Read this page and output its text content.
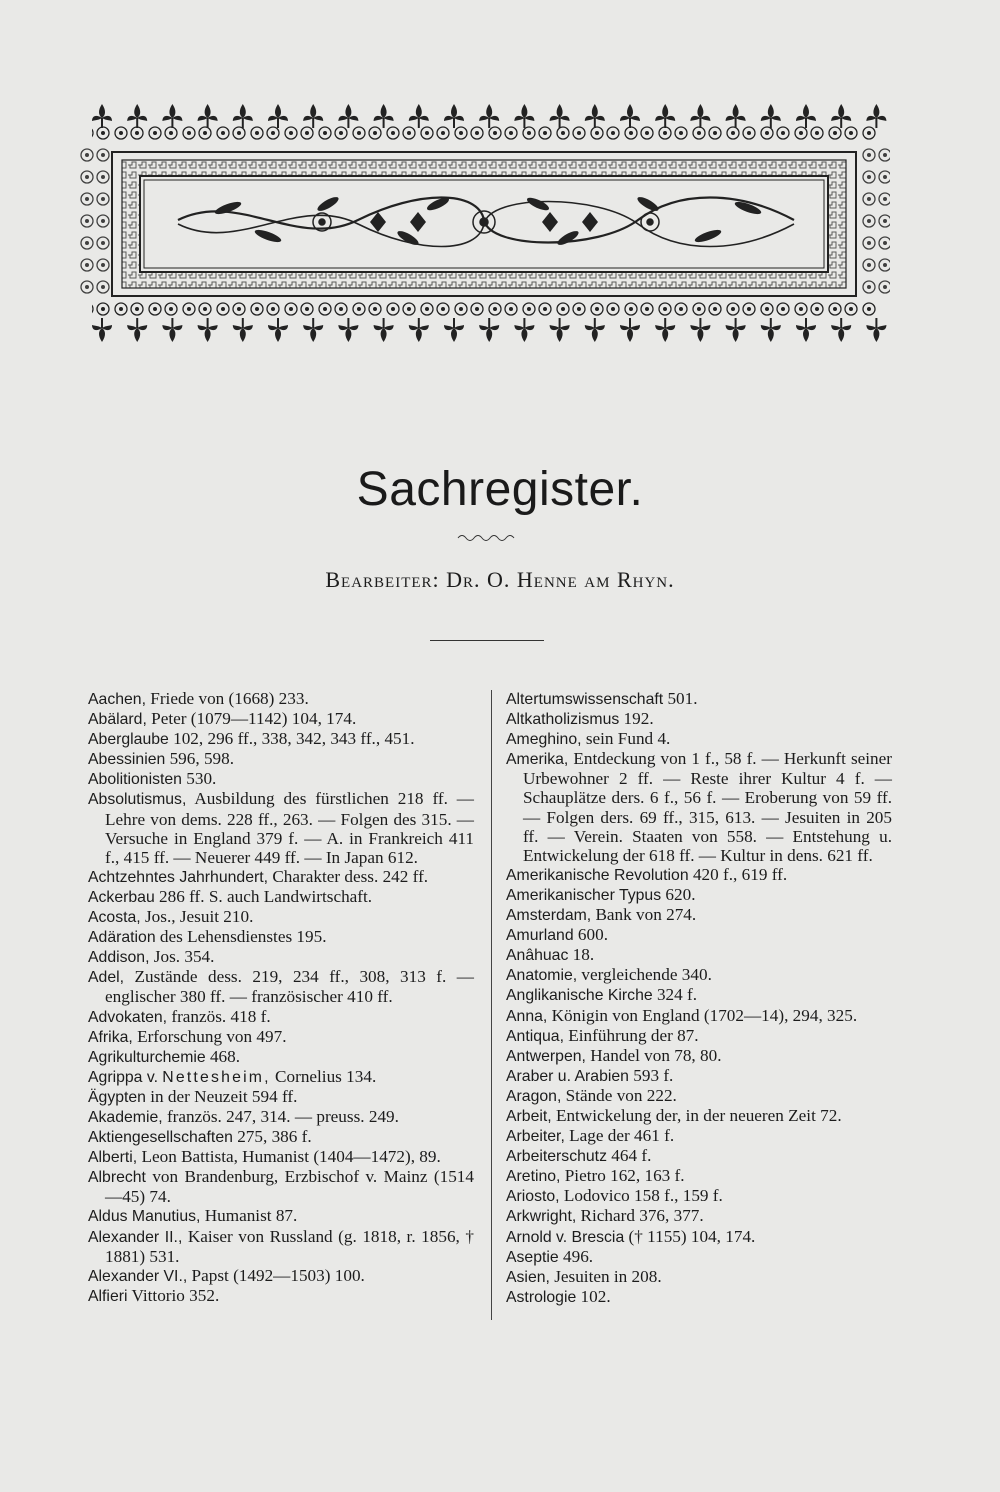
Sachregister.
Bearbeiter: Dr. O. Henne am Rhyn.
Aachen, Friede von (1668) 233.
Abälard, Peter (1079—1142) 104, 174.
Aberglaube 102, 296 ff., 338, 342, 343 ff., 451.
Abessinien 596, 598.
Abolitionisten 530.
Absolutismus, Ausbildung des fürstlichen 218 ff. — Lehre von dems. 228 ff., 263. — Folgen des 315. — Versuche in England 379 f. — A. in Frankreich 411 f., 415 ff. — Neuerer 449 ff. — In Japan 612.
Achtzehntes Jahrhundert, Charakter dess. 242 ff.
Ackerbau 286 ff. S. auch Landwirtschaft.
Acosta, Jos., Jesuit 210.
Adäration des Lehensdienstes 195.
Addison, Jos. 354.
Adel, Zustände dess. 219, 234 ff., 308, 313 f. — englischer 380 ff. — französischer 410 ff.
Advokaten, französ. 418 f.
Afrika, Erforschung von 497.
Agrikulturchemie 468.
Agrippa v. Nettesheim, Cornelius 134.
Ägypten in der Neuzeit 594 ff.
Akademie, französ. 247, 314. — preuss. 249.
Aktiengesellschaften 275, 386 f.
Alberti, Leon Battista, Humanist (1404—1472), 89.
Albrecht von Brandenburg, Erzbischof v. Mainz (1514—45) 74.
Aldus Manutius, Humanist 87.
Alexander II., Kaiser von Russland (g. 1818, r. 1856, † 1881) 531.
Alexander VI., Papst (1492—1503) 100.
Alfieri Vittorio 352.
Altertumswissenschaft 501.
Altkatholizismus 192.
Ameghino, sein Fund 4.
Amerika, Entdeckung von 1 f., 58 f. — Herkunft seiner Urbewohner 2 ff. — Reste ihrer Kultur 4 f. — Schauplätze ders. 6 f., 56 f. — Eroberung von 59 ff. — Folgen ders. 69 ff., 315, 613. — Jesuiten in 205 ff. — Verein. Staaten von 558. — Entstehung u. Entwickelung der 618 ff. — Kultur in dens. 621 ff.
Amerikanische Revolution 420 f., 619 ff.
Amerikanischer Typus 620.
Amsterdam, Bank von 274.
Amurland 600.
Anâhuac 18.
Anatomie, vergleichende 340.
Anglikanische Kirche 324 f.
Anna, Königin von England (1702—14), 294, 325.
Antiqua, Einführung der 87.
Antwerpen, Handel von 78, 80.
Araber u. Arabien 593 f.
Aragon, Stände von 222.
Arbeit, Entwickelung der, in der neueren Zeit 72.
Arbeiter, Lage der 461 f.
Arbeiterschutz 464 f.
Aretino, Pietro 162, 163 f.
Ariosto, Lodovico 158 f., 159 f.
Arkwright, Richard 376, 377.
Arnold v. Brescia († 1155) 104, 174.
Aseptie 496.
Asien, Jesuiten in 208.
Astrologie 102.
